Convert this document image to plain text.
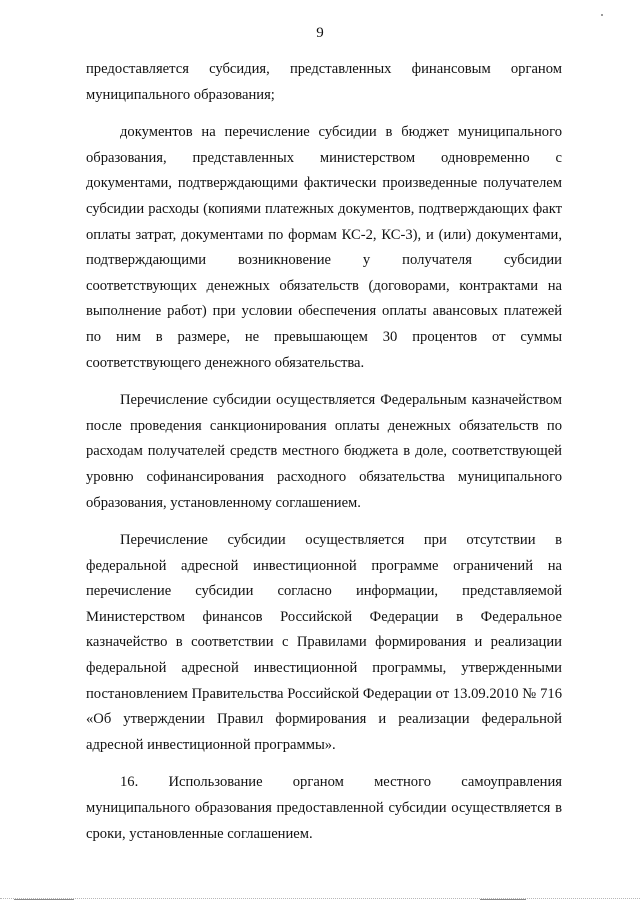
9

предоставляется субсидия, представленных финансовым органом муниципального образования;

документов на перечисление субсидии в бюджет муниципального образования, представленных министерством одновременно с документами, подтверждающими фактически произведенные получателем субсидии расходы (копиями платежных документов, подтверждающих факт оплаты затрат, документами по формам КС-2, КС-3), и (или) документами, подтверждающими возникновение у получателя субсидии соответствующих денежных обязательств (договорами, контрактами на выполнение работ) при условии обеспечения оплаты авансовых платежей по ним в размере, не превышающем 30 процентов от суммы соответствующего денежного обязательства.

Перечисление субсидии осуществляется Федеральным казначейством после проведения санкционирования оплаты денежных обязательств по расходам получателей средств местного бюджета в доле, соответствующей уровню софинансирования расходного обязательства муниципального образования, установленному соглашением.

Перечисление субсидии осуществляется при отсутствии в федеральной адресной инвестиционной программе ограничений на перечисление субсидии согласно информации, представляемой Министерством финансов Российской Федерации в Федеральное казначейство в соответствии с Правилами формирования и реализации федеральной адресной инвестиционной программы, утвержденными постановлением Правительства Российской Федерации от 13.09.2010 № 716 «Об утверждении Правил формирования и реализации федеральной адресной инвестиционной программы».

16. Использование органом местного самоуправления муниципального образования предоставленной субсидии осуществляется в сроки, установленные соглашением.
